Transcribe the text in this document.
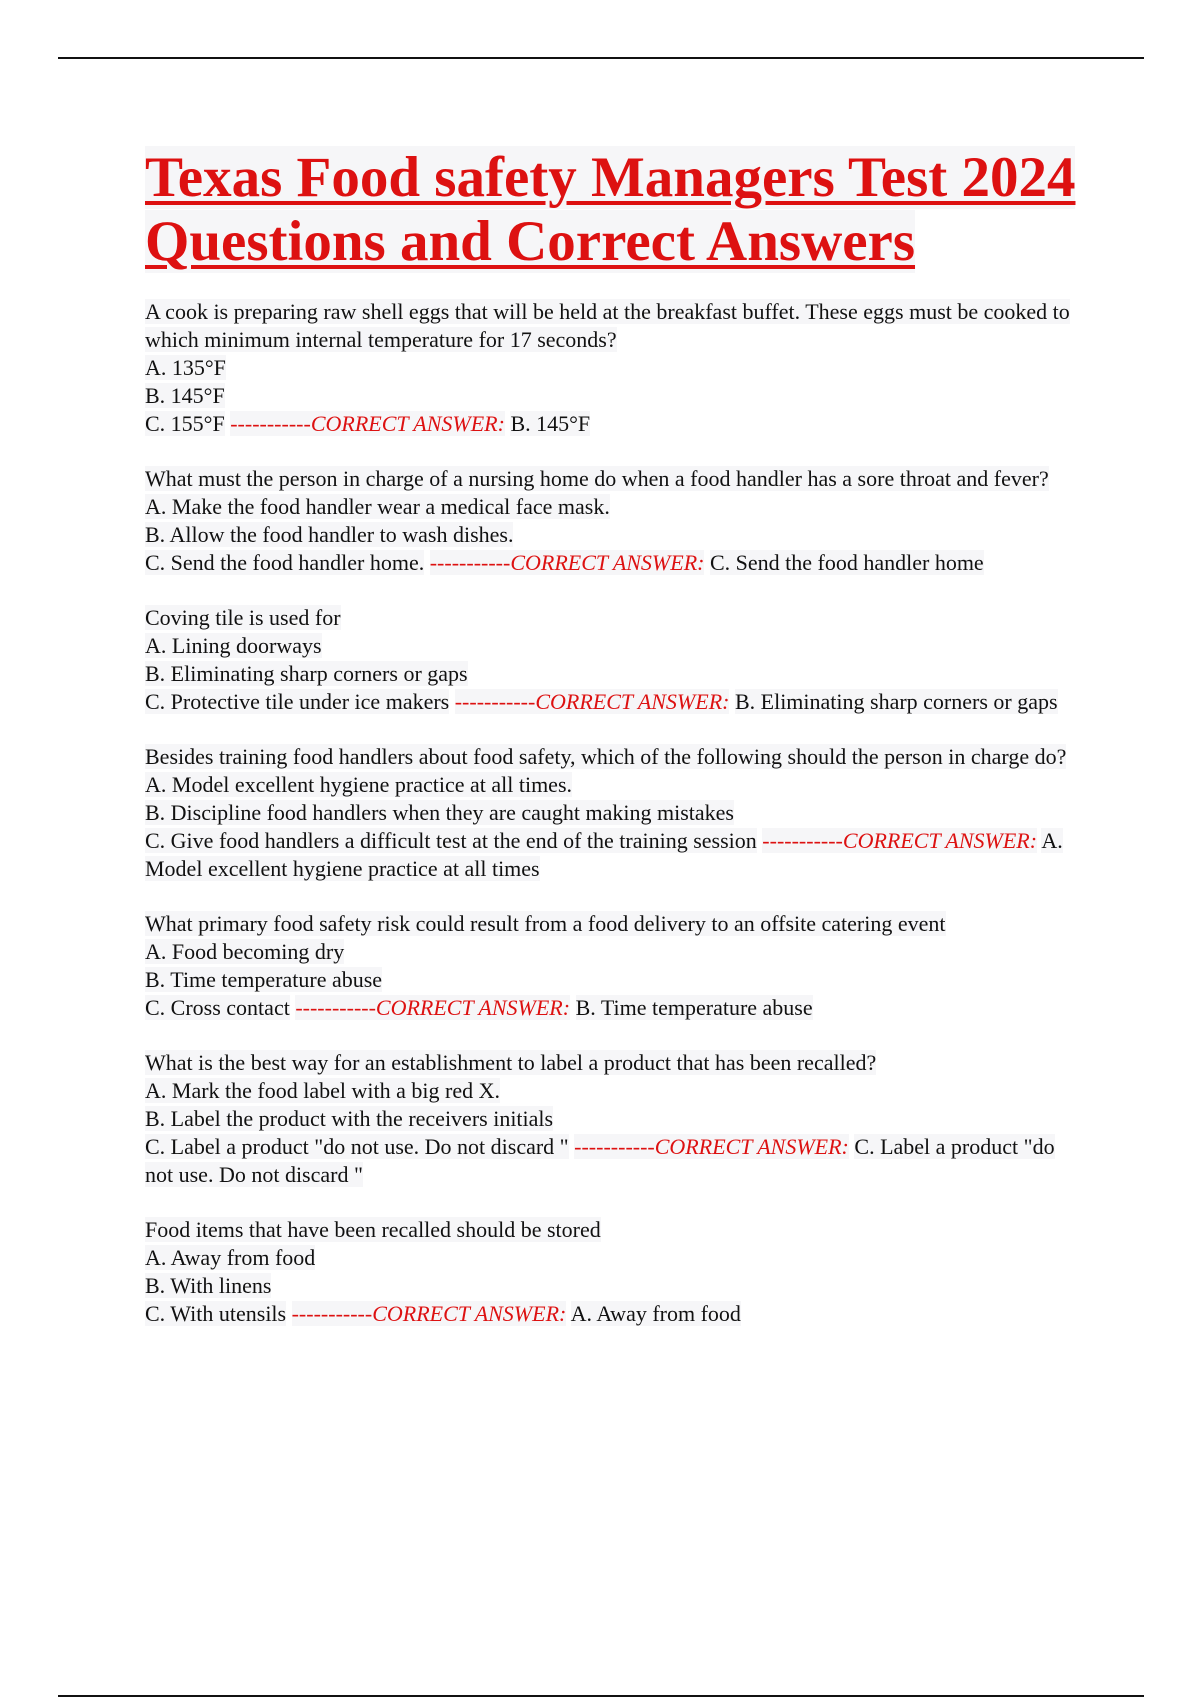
Texas Food safety Managers Test 2024
Questions and Correct Answers
A cook is preparing raw shell eggs that will be held at the breakfast buffet. These eggs must be cooked to which minimum internal temperature for 17 seconds?
A. 135°F
B. 145°F
C. 155°F -----------CORRECT ANSWER: B. 145°F
What must the person in charge of a nursing home do when a food handler has a sore throat and fever?
A. Make the food handler wear a medical face mask.
B. Allow the food handler to wash dishes.
C. Send the food handler home. -----------CORRECT ANSWER: C. Send the food handler home
Coving tile is used for
A. Lining doorways
B. Eliminating sharp corners or gaps
C. Protective tile under ice makers -----------CORRECT ANSWER: B. Eliminating sharp corners or gaps
Besides training food handlers about food safety, which of the following should the person in charge do?
A. Model excellent hygiene practice at all times.
B. Discipline food handlers when they are caught making mistakes
C. Give food handlers a difficult test at the end of the training session -----------CORRECT ANSWER: A. Model excellent hygiene practice at all times
What primary food safety risk could result from a food delivery to an offsite catering event
A. Food becoming dry
B. Time temperature abuse
C. Cross contact -----------CORRECT ANSWER: B. Time temperature abuse
What is the best way for an establishment to label a product that has been recalled?
A. Mark the food label with a big red X.
B. Label the product with the receivers initials
C. Label a product "do not use. Do not discard " -----------CORRECT ANSWER: C. Label a product "do not use. Do not discard "
Food items that have been recalled should be stored
A. Away from food
B. With linens
C. With utensils -----------CORRECT ANSWER: A. Away from food
